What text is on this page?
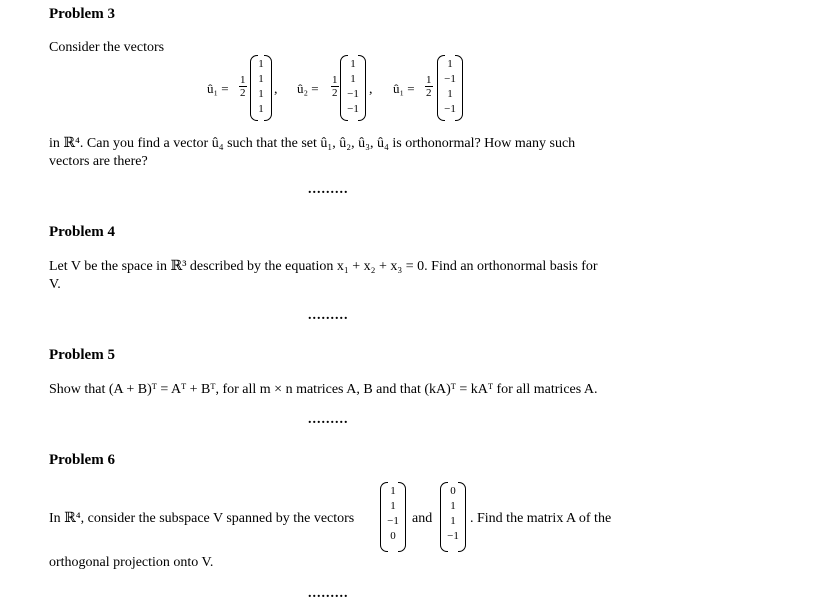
Problem 3
Consider the vectors
û₁ = $\frac{1}{2}$
1
1
1
1
, û₂ = $\frac{1}{2}$
1
1
−1
−1
, û₁ = $\frac{1}{2}$
1
−1
1
−1
in ℝ⁴. Can you find a vector û₄ such that the set û₁, û₂, û₃, û₄ is orthonormal? How many such
vectors are there?
.........
Problem 4
Let V be the space in ℝ³ described by the equation x₁ + x₂ + x₃ = 0. Find an orthonormal basis for
V.
.........
Problem 5
Show that (A + B)ᵀ = Aᵀ + Bᵀ, for all m × n matrices A, B and that (kA)ᵀ = kAᵀ for all matrices A.
.........
Problem 6
In ℝ⁴, consider the subspace V spanned by the vectors
1
1
−1
0
and
0
1
1
−1
. Find the matrix A of the
orthogonal projection onto V.
.........
